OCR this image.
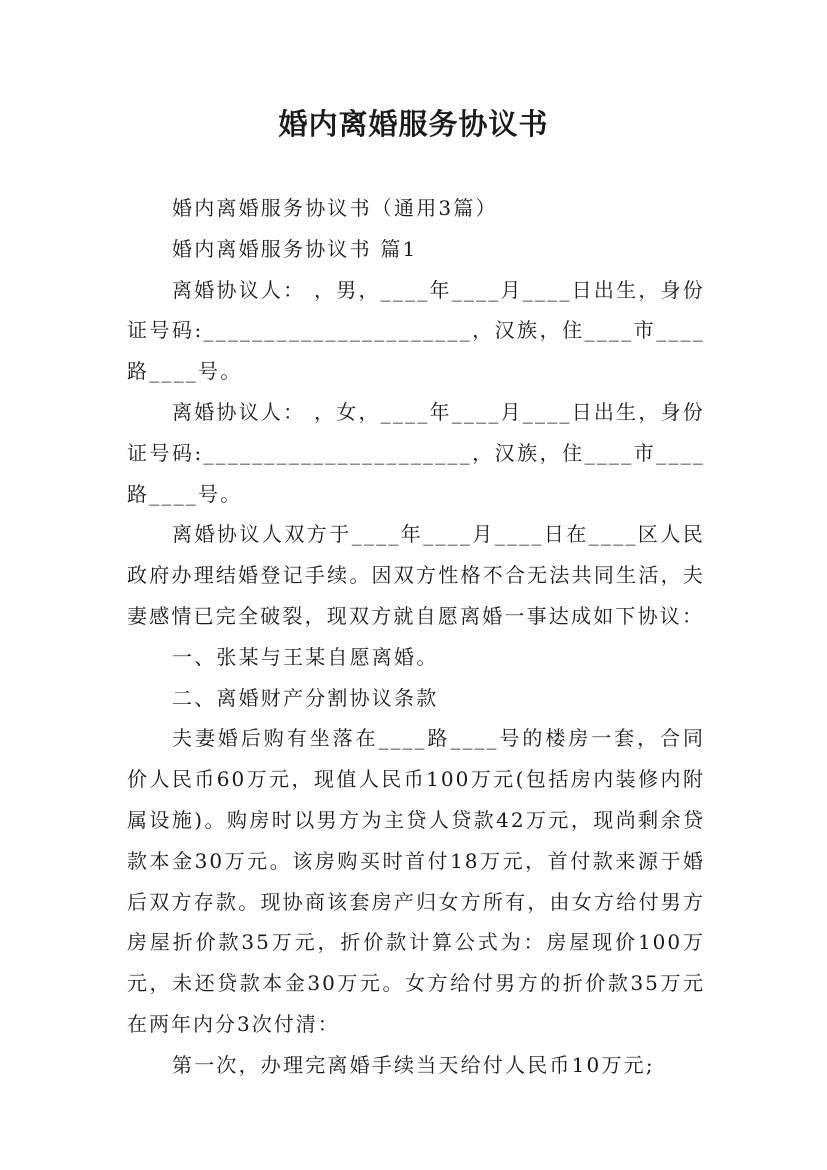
婚内离婚服务协议书

婚内离婚服务协议书（通用3篇）

婚内离婚服务协议书 篇1

离婚协议人： ，男，____年____月____日出生，身份证号码:______________________，汉族，住____市____路____号。

离婚协议人： ，女，____年____月____日出生，身份证号码:______________________，汉族，住____市____路____号。

离婚协议人双方于____年____月____日在____区人民政府办理结婚登记手续。因双方性格不合无法共同生活，夫妻感情已完全破裂，现双方就自愿离婚一事达成如下协议：

一、张某与王某自愿离婚。

二、离婚财产分割协议条款

夫妻婚后购有坐落在____路____号的楼房一套，合同价人民币60万元，现值人民币100万元(包括房内装修内附属设施)。购房时以男方为主贷人贷款42万元，现尚剩余贷款本金30万元。该房购买时首付18万元，首付款来源于婚后双方存款。现协商该套房产归女方所有，由女方给付男方房屋折价款35万元，折价款计算公式为：房屋现价100万元，未还贷款本金30万元。女方给付男方的折价款35万元在两年内分3次付清：

第一次，办理完离婚手续当天给付人民币10万元;
